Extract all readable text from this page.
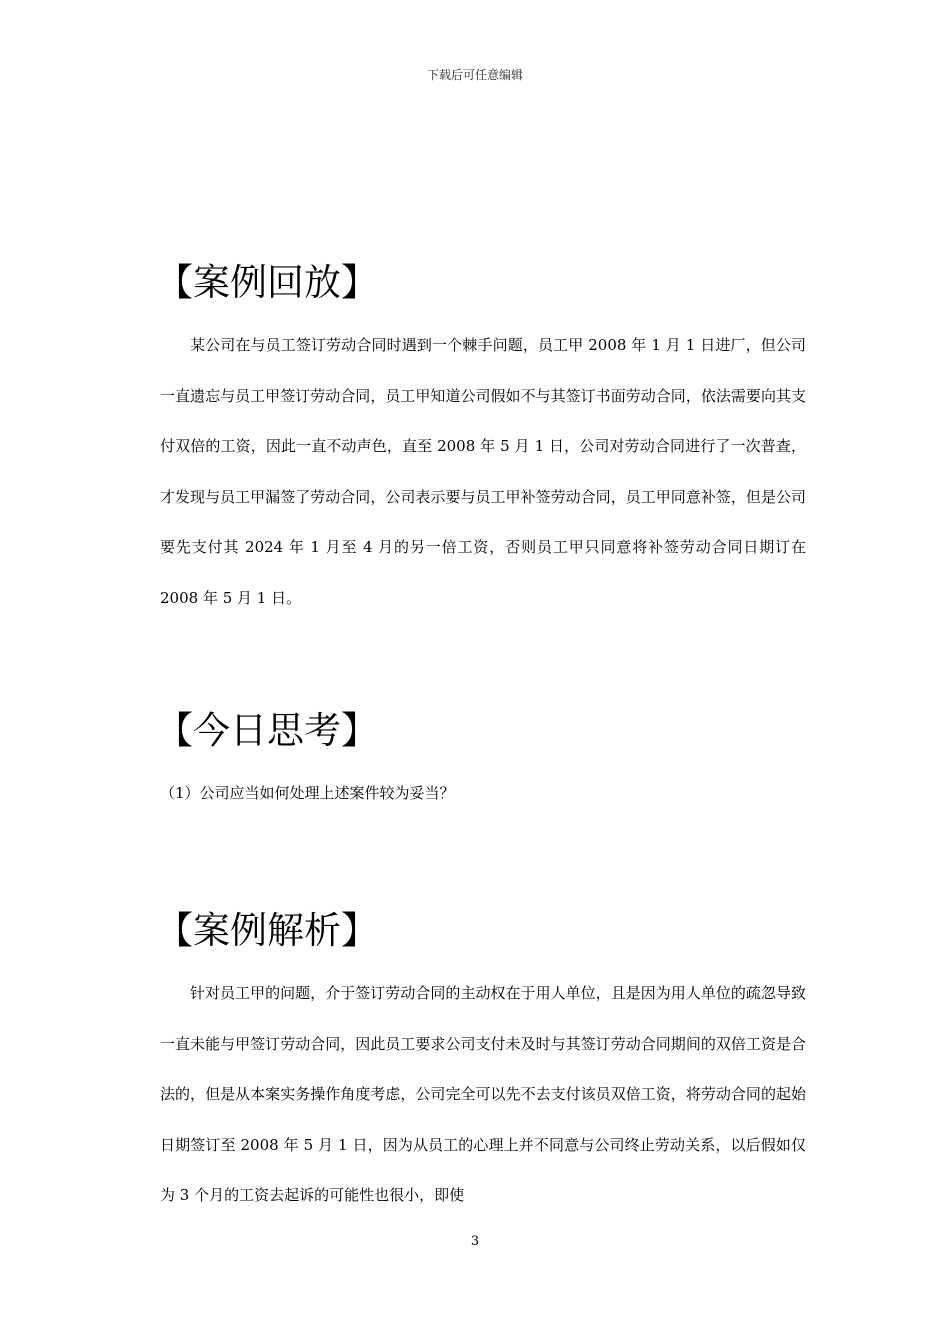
下载后可任意编辑
【案例回放】

某公司在与员工签订劳动合同时遇到一个棘手问题，员工甲 2008 年 1 月 1 日进厂，但公司一直遗忘与员工甲签订劳动合同，员工甲知道公司假如不与其签订书面劳动合同，依法需要向其支付双倍的工资，因此一直不动声色，直至 2008 年 5 月 1 日，公司对劳动合同进行了一次普查，才发现与员工甲漏签了劳动合同，公司表示要与员工甲补签劳动合同，员工甲同意补签，但是公司要先支付其 2024 年 1 月至 4 月的另一倍工资，否则员工甲只同意将补签劳动合同日期订在 2008 年 5 月 1 日。

【今日思考】

（1）公司应当如何处理上述案件较为妥当？

【案例解析】

针对员工甲的问题，介于签订劳动合同的主动权在于用人单位，且是因为用人单位的疏忽导致一直未能与甲签订劳动合同，因此员工要求公司支付未及时与其签订劳动合同期间的双倍工资是合法的，但是从本案实务操作角度考虑，公司完全可以先不去支付该员双倍工资，将劳动合同的起始日期签订至 2008 年 5 月 1 日，因为从员工的心理上并不同意与公司终止劳动关系，以后假如仅为 3 个月的工资去起诉的可能性也很小，即使

3
